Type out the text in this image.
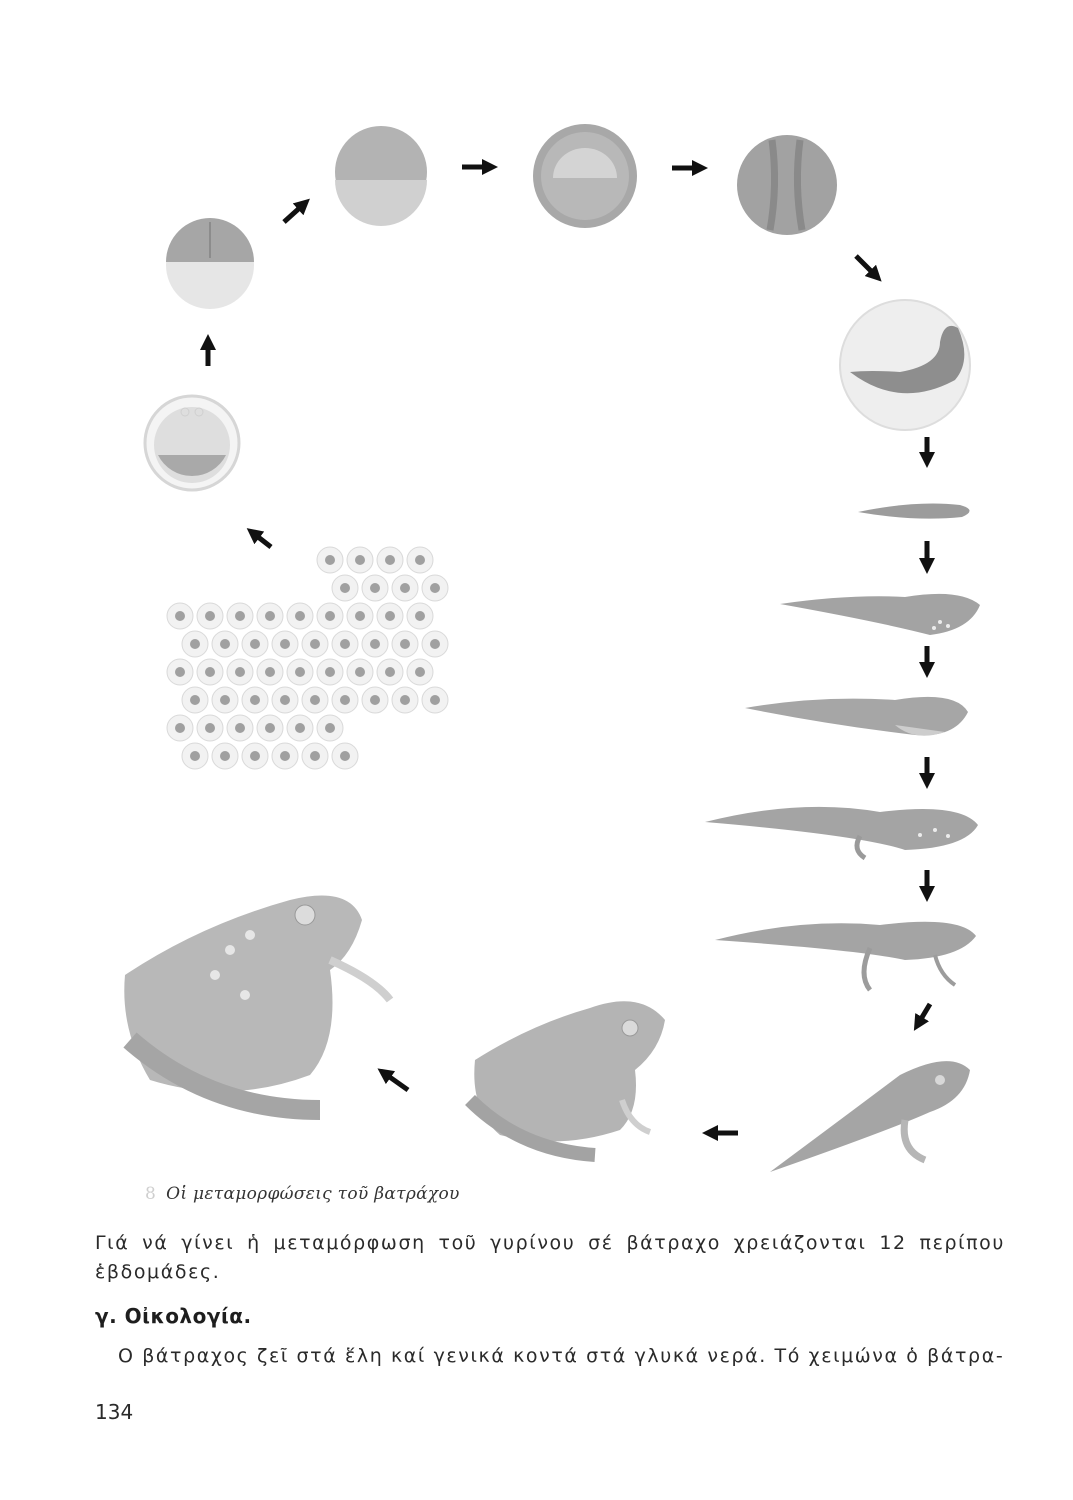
8 Οἱ μεταμορφώσεις τοῦ βατράχου
Γιά νά γίνει ἡ μεταμόρφωση τοῦ γυρίνου σέ βάτραχο χρειάζονται 12 περίπου ἑβδομάδες.
γ. Οἰκολογία.
Ο βάτραχος ζεῖ στά ἕλη καί γενικά κοντά στά γλυκά νερά. Τό χειμώνα ὁ βάτρα-
134
